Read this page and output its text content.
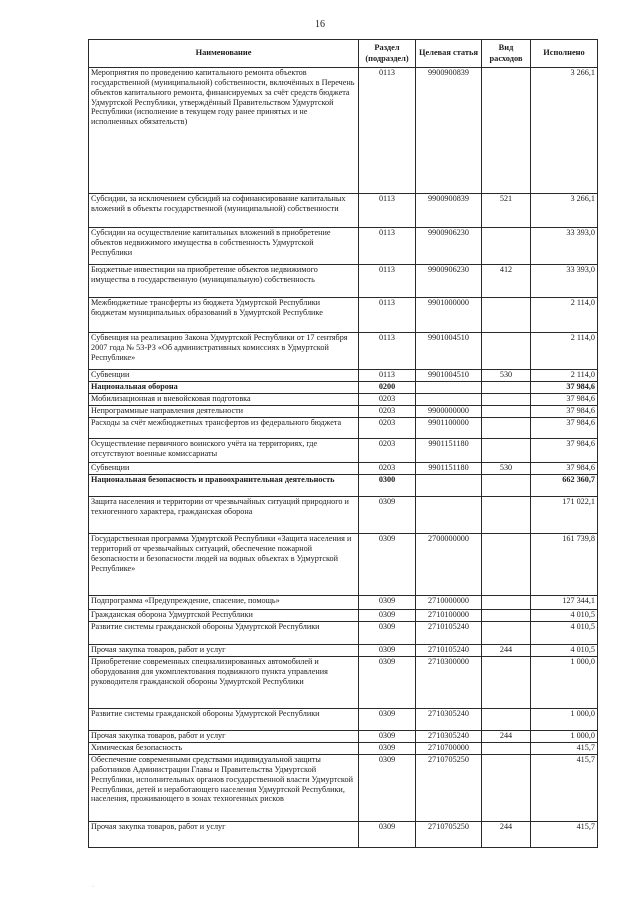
16
Наименование	Раздел (подраздел)	Целевая статья	Вид расходов	Исполнено
Мероприятия по проведению капитального ремонта объектов государственной (муниципальной) собственности, включённых в Перечень объектов капитального ремонта, финансируемых за счёт средств бюджета Удмуртской Республики, утверждённый Правительством Удмуртской Республики (исполнение в текущем году ранее принятых и не исполненных обязательств)	0113	9900900839		3 266,1
Субсидии, за исключением субсидий на софинансирование капитальных вложений в объекты государственной (муниципальной) собственности	0113	9900900839	521	3 266,1
Субсидии на осуществление капитальных вложений в приобретение объектов недвижимого имущества в собственность Удмуртской Республики	0113	9900906230		33 393,0
Бюджетные инвестиции на приобретение объектов недвижимого имущества в государственную (муниципальную) собственность	0113	9900906230	412	33 393,0
Межбюджетные трансферты из бюджета Удмуртской Республики бюджетам муниципальных образований в Удмуртской Республике	0113	9901000000		2 114,0
Субвенция на реализацию Закона Удмуртской Республики от 17 сентября 2007 года № 53-РЗ «Об административных комиссиях в Удмуртской Республике»	0113	9901004510		2 114,0
Субвенции	0113	9901004510	530	2 114,0
Национальная оборона	0200			37 984,6
Мобилизационная и вневойсковая подготовка	0203			37 984,6
Непрограммные направления деятельности	0203	9900000000		37 984,6
Расходы за счёт межбюджетных трансфертов из федерального бюджета	0203	9901100000		37 984,6
Осуществление первичного воинского учёта на территориях, где отсутствуют военные комиссариаты	0203	9901151180		37 984,6
Субвенции	0203	9901151180	530	37 984,6
Национальная безопасность и правоохранительная деятельность	0300			662 360,7
Защита населения и территории от чрезвычайных ситуаций природного и техногенного характера, гражданская оборона	0309			171 022,1
Государственная программа Удмуртской Республики «Защита населения и территорий от чрезвычайных ситуаций, обеспечение пожарной безопасности и безопасности людей на водных объектах в Удмуртской Республике»	0309	2700000000		161 739,8
Подпрограмма «Предупреждение, спасение, помощь»	0309	2710000000		127 344,1
Гражданская оборона Удмуртской Республики	0309	2710100000		4 010,5
Развитие системы гражданской обороны Удмуртской Республики	0309	2710105240		4 010,5
Прочая закупка товаров, работ и услуг	0309	2710105240	244	4 010,5
Приобретение современных специализированных автомобилей и оборудования для укомплектования подвижного пункта управления руководителя гражданской обороны Удмуртской Республики	0309	2710300000		1 000,0
Развитие системы гражданской обороны Удмуртской Республики	0309	2710305240		1 000,0
Прочая закупка товаров, работ и услуг	0309	2710305240	244	1 000,0
Химическая безопасность	0309	2710700000		415,7
Обеспечение современными средствами индивидуальной защиты работников Администрации Главы и Правительства Удмуртской Республики, исполнительных органов государственной власти Удмуртской Республики, детей и неработающего населения Удмуртской Республики, населения, проживающего в зонах техногенных рисков	0309	2710705250		415,7
Прочая закупка товаров, работ и услуг	0309	2710705250	244	415,7
·
